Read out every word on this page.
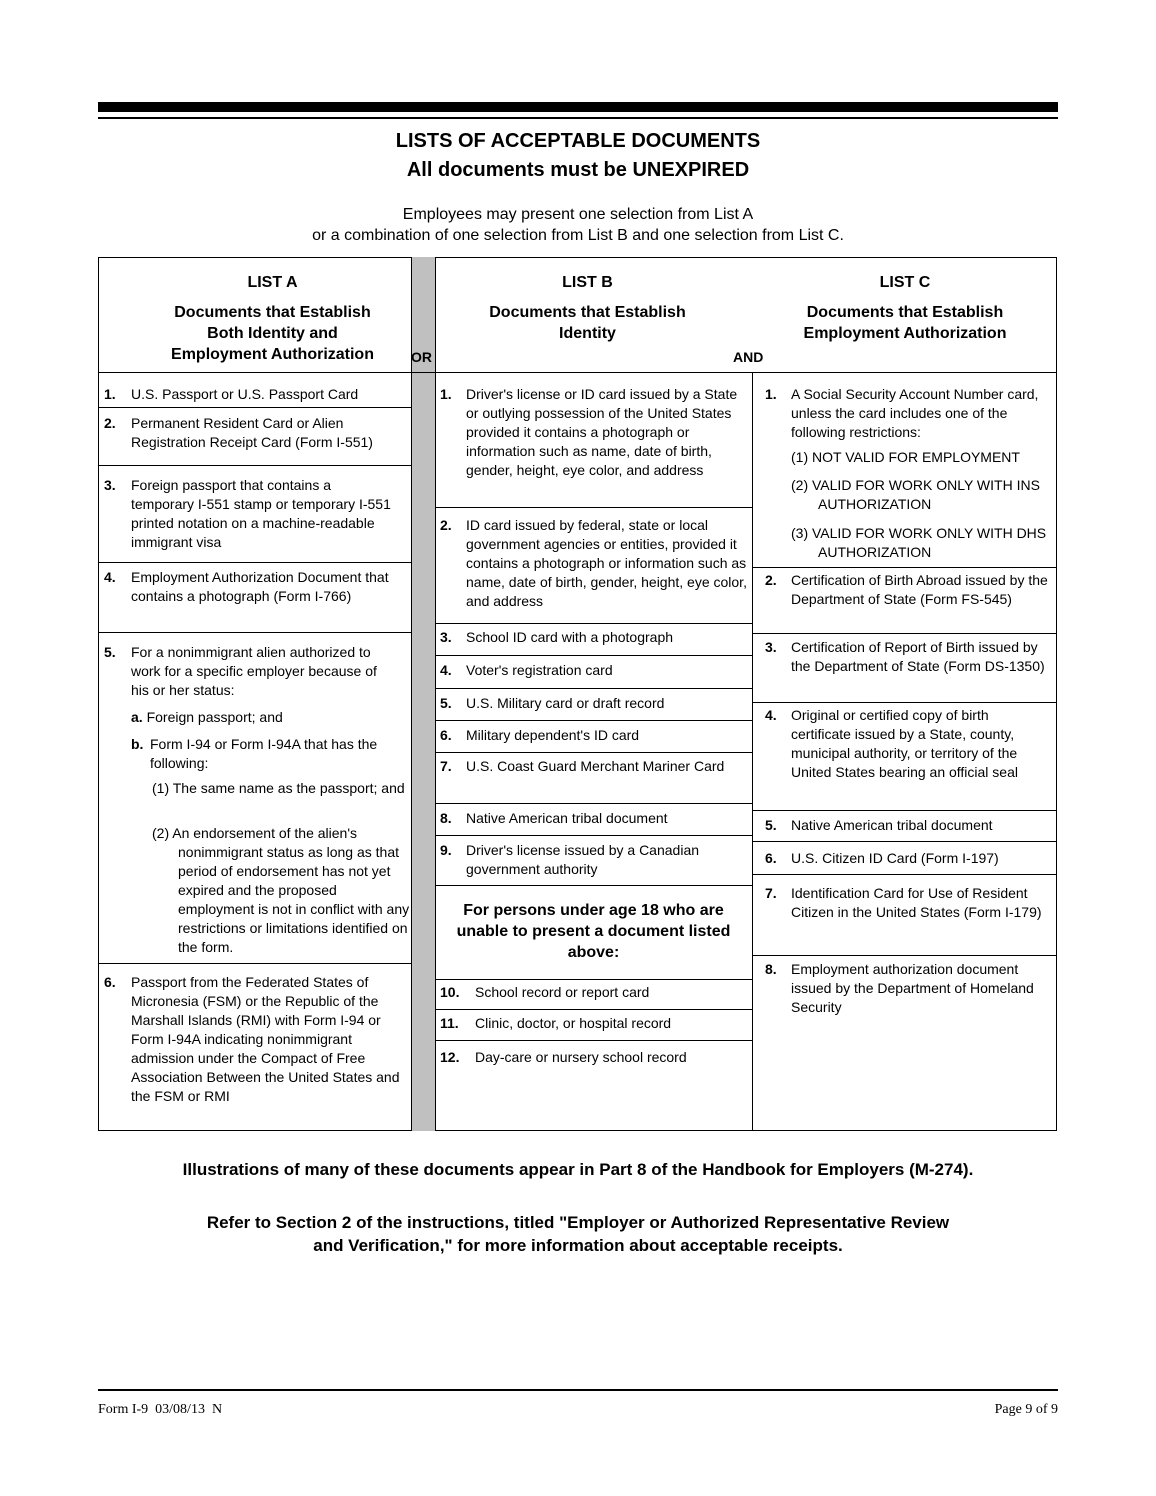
LISTS OF ACCEPTABLE DOCUMENTS
All documents must be UNEXPIRED
Employees may present one selection from List A
or a combination of one selection from List B and one selection from List C.
LIST A
Documents that Establish
Both Identity and
Employment Authorization	OR
LIST B
Documents that Establish
Identity
AND
LIST C
Documents that Establish
Employment Authorization
1.	U.S. Passport or U.S. Passport Card
2.	Permanent Resident Card or Alien Registration Receipt Card (Form I-551)
3.	Foreign passport that contains a temporary I-551 stamp or temporary I-551 printed notation on a machine-readable immigrant visa
4.	Employment Authorization Document that contains a photograph (Form I-766)
5.	For a nonimmigrant alien authorized to work for a specific employer because of his or her status:
a. Foreign passport; and
b. Form I-94 or Form I-94A that has the following:
(1) The same name as the passport; and
(2) An endorsement of the alien's nonimmigrant status as long as that period of endorsement has not yet expired and the proposed employment is not in conflict with any restrictions or limitations identified on the form.
6.	Passport from the Federated States of Micronesia (FSM) or the Republic of the Marshall Islands (RMI) with Form I-94 or Form I-94A indicating nonimmigrant admission under the Compact of Free Association Between the United States and the FSM or RMI
1.	Driver's license or ID card issued by a State or outlying possession of the United States provided it contains a photograph or information such as name, date of birth, gender, height, eye color, and address
2.	ID card issued by federal, state or local government agencies or entities, provided it contains a photograph or information such as name, date of birth, gender, height, eye color, and address
3.	School ID card with a photograph
4.	Voter's registration card
5.	U.S. Military card or draft record
6.	Military dependent's ID card
7.	U.S. Coast Guard Merchant Mariner Card
8.	Native American tribal document
9.	Driver's license issued by a Canadian government authority
For persons under age 18 who are unable to present a document listed above:
10.	School record or report card
11.	Clinic, doctor, or hospital record
12.	Day-care or nursery school record
1.	A Social Security Account Number card, unless the card includes one of the following restrictions:
(1) NOT VALID FOR EMPLOYMENT
(2) VALID FOR WORK ONLY WITH INS AUTHORIZATION
(3) VALID FOR WORK ONLY WITH DHS AUTHORIZATION
2.	Certification of Birth Abroad issued by the Department of State (Form FS-545)
3.	Certification of Report of Birth issued by the Department of State (Form DS-1350)
4.	Original or certified copy of birth certificate issued by a State, county, municipal authority, or territory of the United States bearing an official seal
5.	Native American tribal document
6.	U.S. Citizen ID Card (Form I-197)
7.	Identification Card for Use of Resident Citizen in the United States (Form I-179)
8.	Employment authorization document issued by the Department of Homeland Security
Illustrations of many of these documents appear in Part 8 of the Handbook for Employers (M-274).
Refer to Section 2 of the instructions, titled "Employer or Authorized Representative Review
and Verification," for more information about acceptable receipts.
Form I-9  03/08/13  N	Page 9 of 9
